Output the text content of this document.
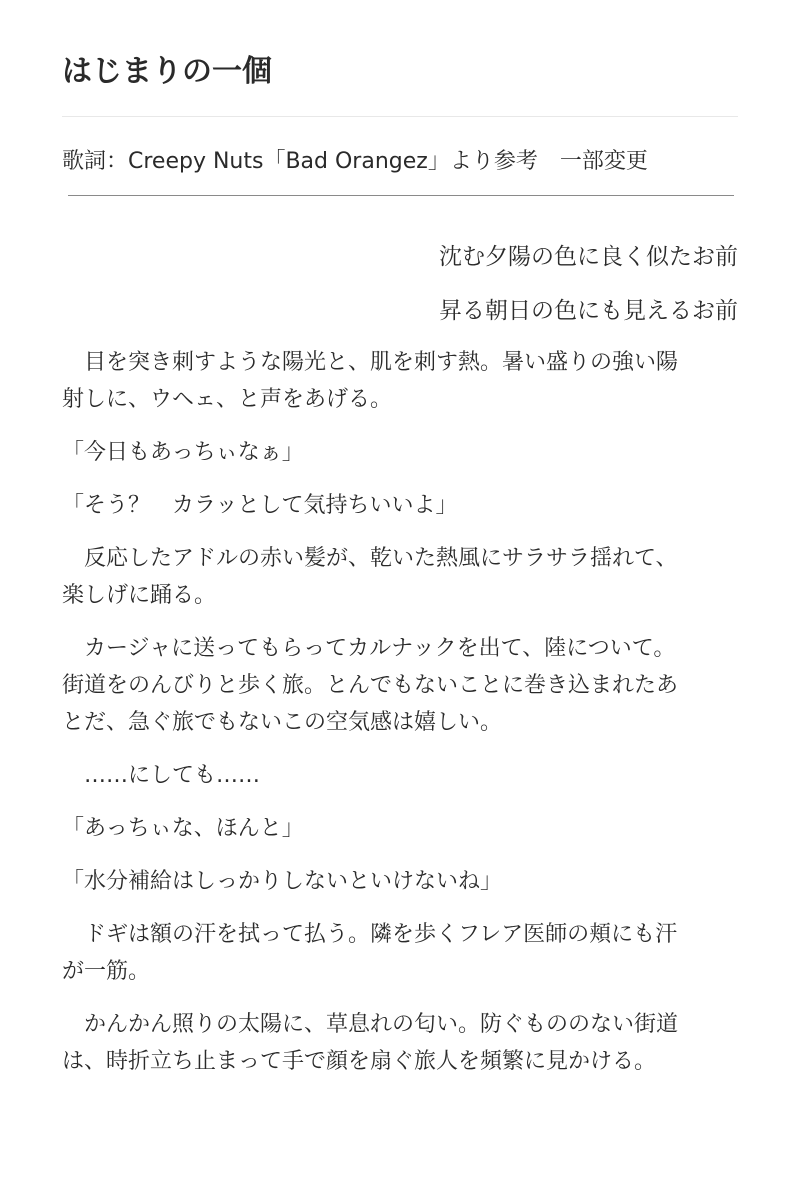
はじまりの一個

歌詞：Creepy Nuts「Bad Orangez」より参考　一部変更

沈む夕陽の色に良く似たお前
昇る朝日の色にも見えるお前

　目を突き刺すような陽光と、肌を刺す熱。暑い盛りの強い陽
射しに、ウヘェ、と声をあげる。

「今日もあっちぃなぁ」

「そう？　カラッとして気持ちいいよ」

　反応したアドルの赤い髪が、乾いた熱風にサラサラ揺れて、
楽しげに踊る。

　カージャに送ってもらってカルナックを出て、陸について。
街道をのんびりと歩く旅。とんでもないことに巻き込まれたあ
とだ、急ぐ旅でもないこの空気感は嬉しい。

　……にしても……

「あっちぃな、ほんと」

「水分補給はしっかりしないといけないね」

　ドギは額の汗を拭って払う。隣を歩くフレア医師の頬にも汗
が一筋。

　かんかん照りの太陽に、草息れの匂い。防ぐもののない街道
は、時折立ち止まって手で顔を扇ぐ旅人を頻繁に見かける。
